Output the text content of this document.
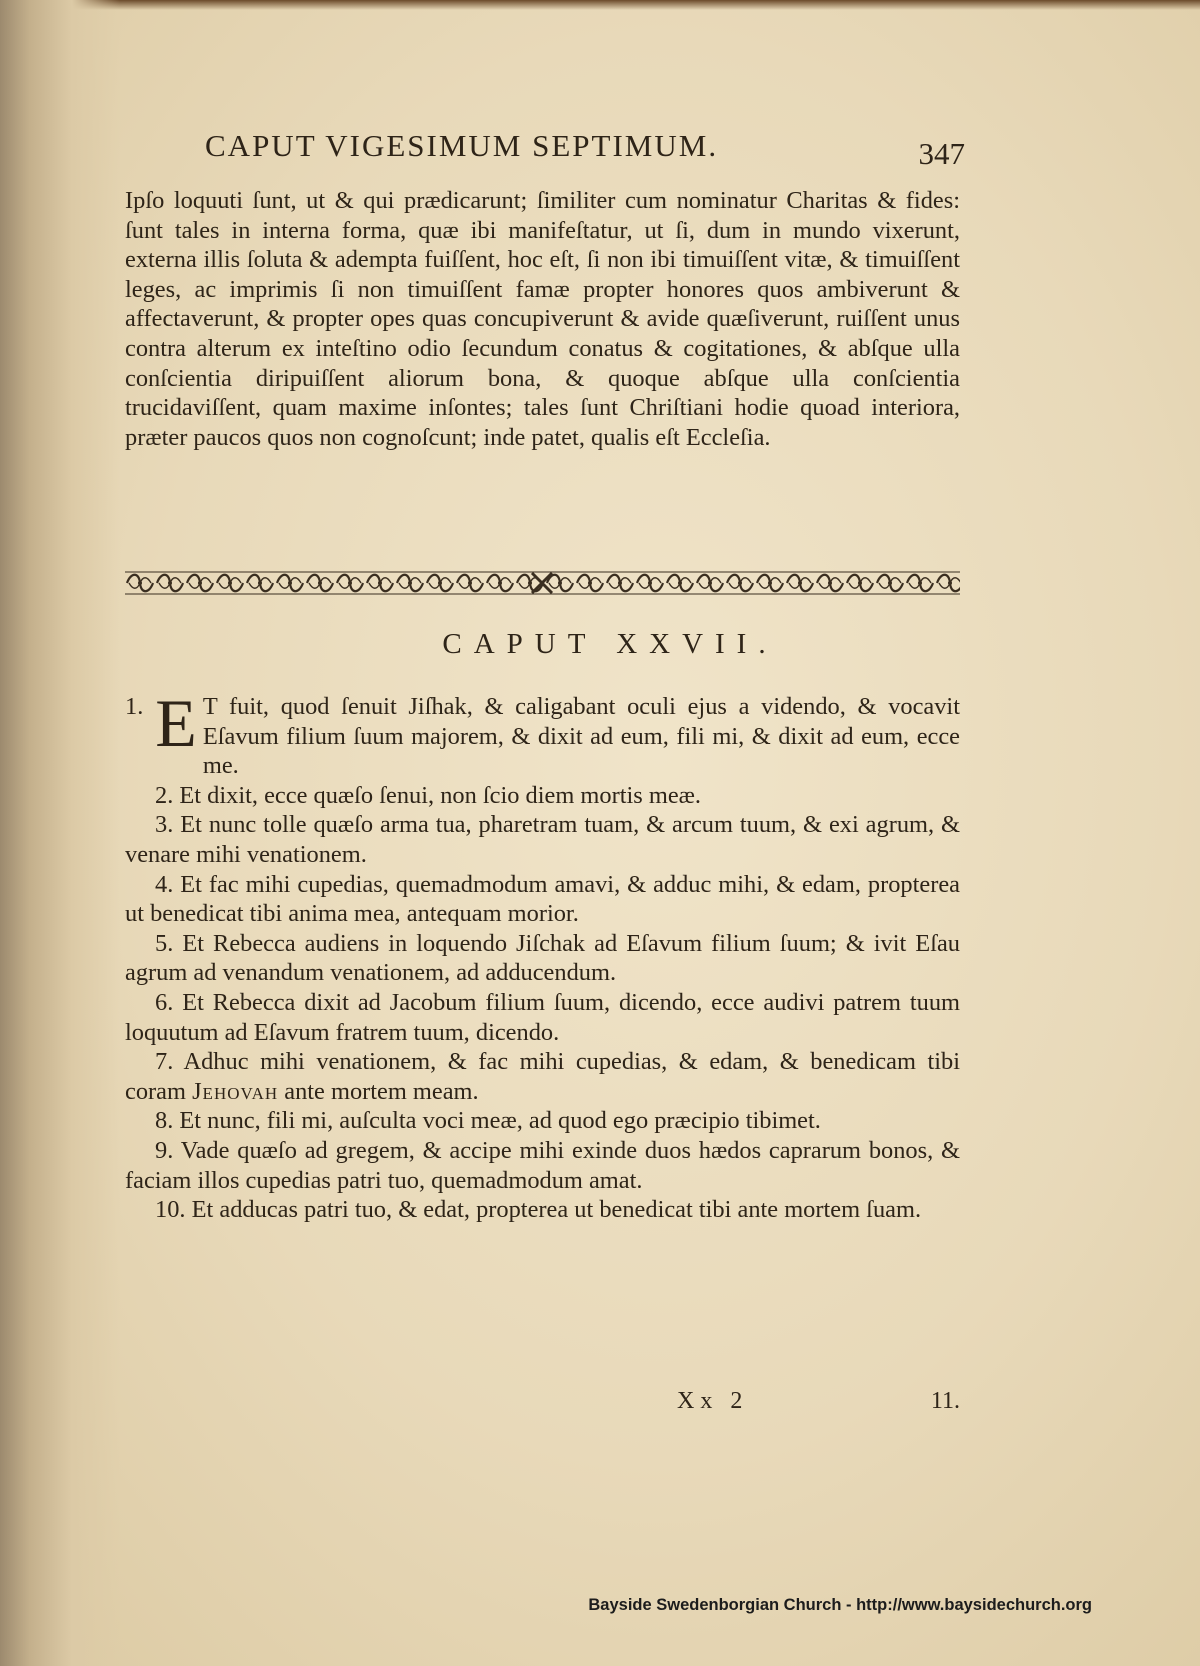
CAPUT VIGESIMUM SEPTIMUM.	347

Ipſo loquuti ſunt, ut & qui prædicarunt; ſimiliter cum nominatur Charitas & fides: ſunt tales in interna forma, quæ ibi manifeſtatur, ut ſi, dum in mundo vixerunt, externa illis ſoluta & adempta fuiſſent, hoc eſt, ſi non ibi timuiſſent vitæ, & timuiſſent leges, ac imprimis ſi non timuiſſent famæ propter honores quos ambiverunt & affectaverunt, & propter opes quas concupiverunt & avide quæſiverunt, ruiſſent unus contra alterum ex inteſtino odio ſecundum conatus & cogitationes, & abſque ulla conſcientia diripuiſſent aliorum bona, & quoque abſque ulla conſcientia trucidaviſſent, quam maxime inſontes; tales ſunt Chriſtiani hodie quoad interiora, præter paucos quos non cognoſcunt; inde patet, qualis eſt Eccleſia.

CAPUT XXVII.
1. E T fuit, quod ſenuit Jiſhak, & caligabant oculi ejus a videndo, & vocavit Eſavum filium ſuum majorem, & dixit ad eum, fili mi, & dixit ad eum, ecce me.

2. Et dixit, ecce quæſo ſenui, non ſcio diem mortis meæ.

3. Et nunc tolle quæſo arma tua, pharetram tuam, & arcum tuum, & exi agrum, & venare mihi venationem.

4. Et fac mihi cupedias, quemadmodum amavi, & adduc mihi, & edam, propterea ut benedicat tibi anima mea, antequam morior.

5. Et Rebecca audiens in loquendo Jiſchak ad Eſavum filium ſuum; & ivit Eſau agrum ad venandum venationem, ad adducendum.

6. Et Rebecca dixit ad Jacobum filium ſuum, dicendo, ecce audivi patrem tuum loquutum ad Eſavum fratrem tuum, dicendo.

7. Adhuc mihi venationem, & fac mihi cupedias, & edam, & benedicam tibi coram Jehovah ante mortem meam.

8. Et nunc, fili mi, auſculta voci meæ, ad quod ego præcipio tibimet.

9. Vade quæſo ad gregem, & accipe mihi exinde duos hædos caprarum bonos, & faciam illos cupedias patri tuo, quemadmodum amat.

10. Et adducas patri tuo, & edat, propterea ut benedicat tibi ante mortem ſuam.

Xx 2	11.
Bayside Swedenborgian Church - http://www.baysidechurch.org
